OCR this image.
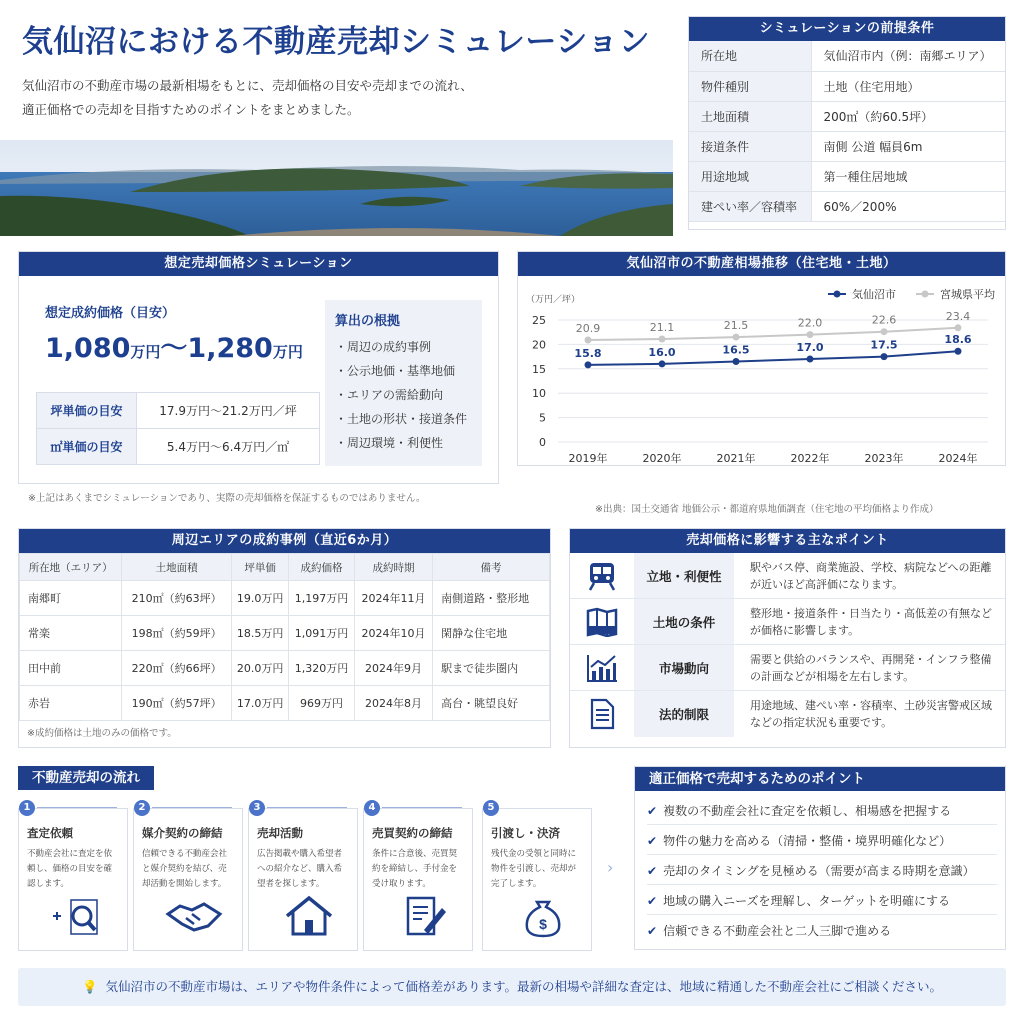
気仙沼における不動産売却シミュレーション
気仙沼市の不動産市場の最新相場をもとに、売却価格の目安や売却までの流れ、
適正価格での売却を目指すためのポイントをまとめました。
シミュレーションの前提条件
所在地	気仙沼市内（例：南郷エリア）
物件種別	土地（住宅用地）
土地面積	200㎡（約60.5坪）
接道条件	南側 公道 幅員6m
用途地域	第一種住居地域
建ぺい率／容積率	60%／200%
想定売却価格シミュレーション
想定成約価格（目安）
1,080万円〜1,280万円
坪単価の目安	17.9万円〜21.2万円／坪
㎡単価の目安	5.4万円〜6.4万円／㎡
算出の根拠
・周辺の成約事例
・公示地価・基準地価
・エリアの需給動向
・土地の形状・接道条件
・周辺環境・利便性
※上記はあくまでシミュレーションであり、実際の売却価格を保証するものではありません。
気仙沼市の不動産相場推移（住宅地・土地）
（万円／坪）
0
5
10
15
20
25
2019年	2020年	2021年	2022年	2023年	2024年
15.8	16.0	16.5	17.0	17.5	18.6
気仙沼市
20.9	21.1	21.5	22.0	22.6	23.4
宮城県平均
※出典：国土交通省 地価公示・都道府県地価調査（住宅地の平均価格より作成）
周辺エリアの成約事例（直近6か月）
所在地（エリア）	土地面積	坪単価	成約価格	成約時期	備考
南郷町	210㎡（約63坪）	19.0万円	1,197万円	2024年11月	南側道路・整形地
常楽	198㎡（約59坪）	18.5万円	1,091万円	2024年10月	閑静な住宅地
田中前	220㎡（約66坪）	20.0万円	1,320万円	2024年9月	駅まで徒歩圏内
赤岩	190㎡（約57坪）	17.0万円	969万円	2024年8月	高台・眺望良好
※成約価格は土地のみの価格です。
売却価格に影響する主なポイント
立地・利便性
駅やバス停、商業施設、学校、病院などへの距離が近いほど高評価になります。
土地の条件
整形地・接道条件・日当たり・高低差の有無などが価格に影響します。
市場動向
需要と供給のバランスや、再開発・インフラ整備の計画などが相場を左右します。
法的制限
用途地域、建ぺい率・容積率、土砂災害警戒区域などの指定状況も重要です。
不動産売却の流れ
1
査定依頼
不動産会社に査定を依頼し、価格の目安を確認します。
2
媒介契約の締結
信頼できる不動産会社と媒介契約を結び、売却活動を開始します。
3
売却活動
広告掲載や購入希望者への紹介など、購入希望者を探します。
4
売買契約の締結
条件に合意後、売買契約を締結し、手付金を受け取ります。
5
引渡し・決済
残代金の受領と同時に物件を引渡し、売却が完了します。
$
›
適正価格で売却するためのポイント
✔ 複数の不動産会社に査定を依頼し、相場感を把握する
✔ 物件の魅力を高める（清掃・整備・境界明確化など）
✔ 売却のタイミングを見極める（需要が高まる時期を意識）
✔ 地域の購入ニーズを理解し、ターゲットを明確にする
✔ 信頼できる不動産会社と二人三脚で進める
💡 気仙沼市の不動産市場は、エリアや物件条件によって価格差があります。最新の相場や詳細な査定は、地域に精通した不動産会社にご相談ください。
